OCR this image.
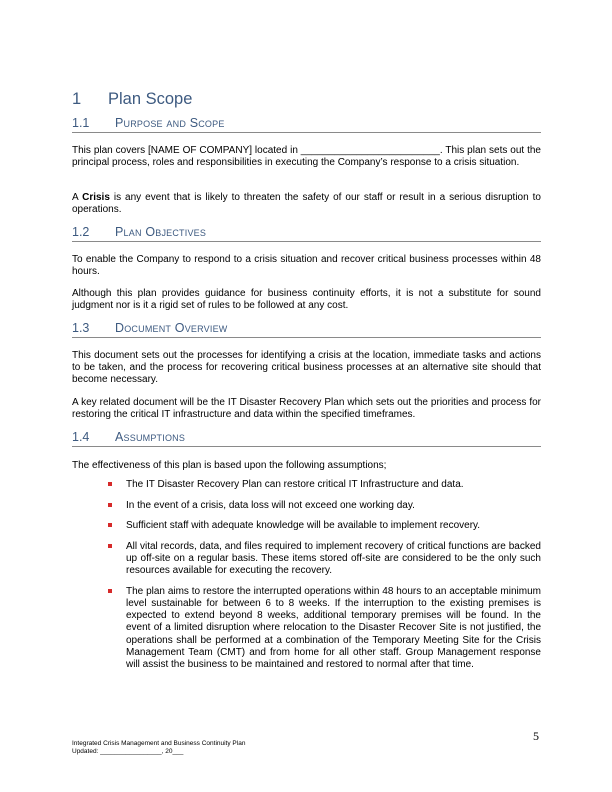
1 Plan Scope
1.1 Purpose and Scope

This plan covers [NAME OF COMPANY] located in _________________________. This plan sets out the principal process, roles and responsibilities in executing the Company’s response to a crisis situation.

A Crisis is any event that is likely to threaten the safety of our staff or result in a serious disruption to operations.

1.2 Plan Objectives

To enable the Company to respond to a crisis situation and recover critical business processes within 48 hours.

Although this plan provides guidance for business continuity efforts, it is not a substitute for sound judgment nor is it a rigid set of rules to be followed at any cost.

1.3 Document Overview

This document sets out the processes for identifying a crisis at the location, immediate tasks and actions to be taken, and the process for recovering critical business processes at an alternative site should that become necessary.

A key related document will be the IT Disaster Recovery Plan which sets out the priorities and process for restoring the critical IT infrastructure and data within the specified timeframes.

1.4 Assumptions

The effectiveness of this plan is based upon the following assumptions;

The IT Disaster Recovery Plan can restore critical IT Infrastructure and data.
In the event of a crisis, data loss will not exceed one working day.
Sufficient staff with adequate knowledge will be available to implement recovery.
All vital records, data, and files required to implement recovery of critical functions are backed up off-site on a regular basis. These items stored off-site are considered to be the only such resources available for executing the recovery.
The plan aims to restore the interrupted operations within 48 hours to an acceptable minimum level sustainable for between 6 to 8 weeks. If the interruption to the existing premises is expected to extend beyond 8 weeks, additional temporary premises will be found. In the event of a limited disruption where relocation to the Disaster Recover Site is not justified, the operations shall be performed at a combination of the Temporary Meeting Site for the Crisis Management Team (CMT) and from home for all other staff. Group Management response will assist the business to be maintained and restored to normal after that time.
5
Integrated Crisis Management and Business Continuity Plan
Updated: _________________, 20___
